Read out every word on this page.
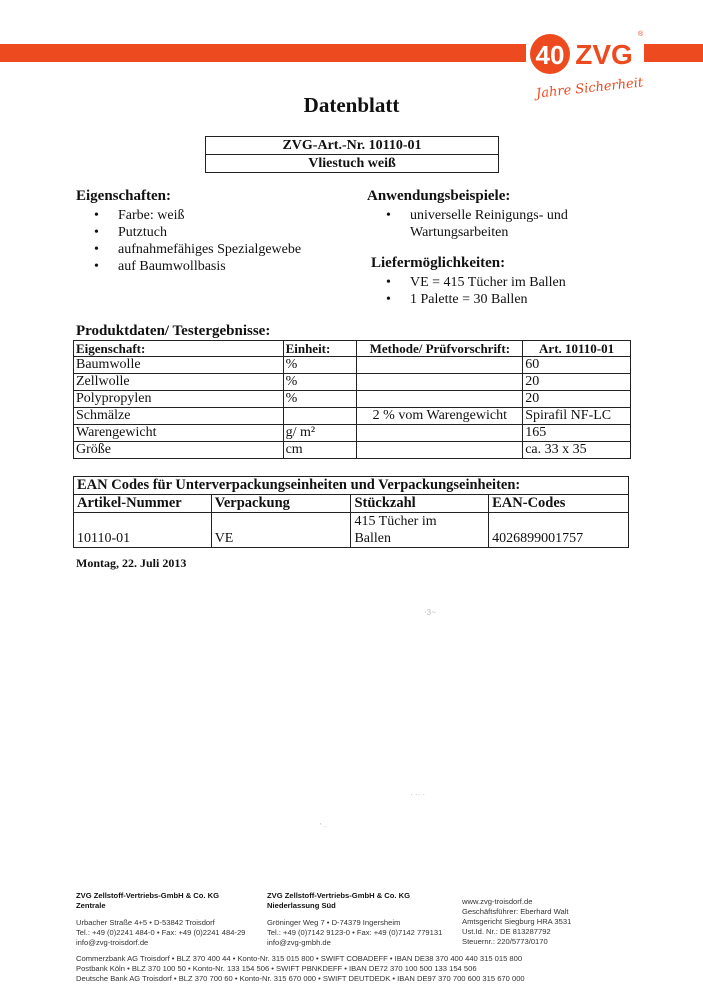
40 ZVG
®
Jahre Sicherheit
Datenblatt
ZVG-Art.-Nr. 10110-01
Vliestuch weiß
Eigenschaften:
• Farbe: weiß
• Putztuch
• aufnahmefähiges Spezialgewebe
• auf Baumwollbasis
Anwendungsbeispiele:
• universelle Reinigungs- und
Wartungsarbeiten
Liefermöglichkeiten:
• VE = 415 Tücher im Ballen
• 1 Palette = 30 Ballen
Produktdaten/ Testergebnisse:
Eigenschaft:	Einheit:	Methode/ Prüfvorschrift:	Art. 10110-01
Baumwolle	%		60
Zellwolle	%		20
Polypropylen	%		20
Schmälze		2 % vom Warengewicht	Spirafil NF-LC
Warengewicht	g/ m²		165
Größe	cm		ca. 33 x 35
EAN Codes für Unterverpackungseinheiten und Verpackungseinheiten:			
Artikel-Nummer	Verpackung	Stückzahl	EAN-Codes
10110-01	VE	415 Tücher im
Ballen	4026899001757
Montag, 22. Juli 2013
·3~
· ·· ·
' ·
ZVG Zellstoff-Vertriebs-GmbH & Co. KG
Zentrale
Urbacher Straße 4+5 • D-53842 Troisdorf
Tel.: +49 (0)2241 484-0 • Fax: +49 (0)2241 484-29
info@zvg-troisdorf.de
ZVG Zellstoff-Vertriebs-GmbH & Co. KG
Niederlassung Süd
Gröninger Weg 7 • D-74379 Ingersheim
Tel.: +49 (0)7142 9123-0 • Fax: +49 (0)7142 779131
info@zvg-gmbh.de
www.zvg-troisdorf.de
Geschäftsführer: Eberhard Walt
Amtsgericht Siegburg HRA 3531
Ust.Id. Nr.: DE 813287792
Steuernr.: 220/5773/0170
Commerzbank AG Troisdorf • BLZ 370 400 44 • Konto-Nr. 315 015 800 • SWIFT COBADEFF • IBAN DE38 370 400 440 315 015 800
Postbank Köln • BLZ 370 100 50 • Konto-Nr. 133 154 506 • SWIFT PBNKDEFF • IBAN DE72 370 100 500 133 154 506
Deutsche Bank AG Troisdorf • BLZ 370 700 60 • Konto-Nr. 315 670 000 • SWIFT DEUTDEDK • IBAN DE97 370 700 600 315 670 000
